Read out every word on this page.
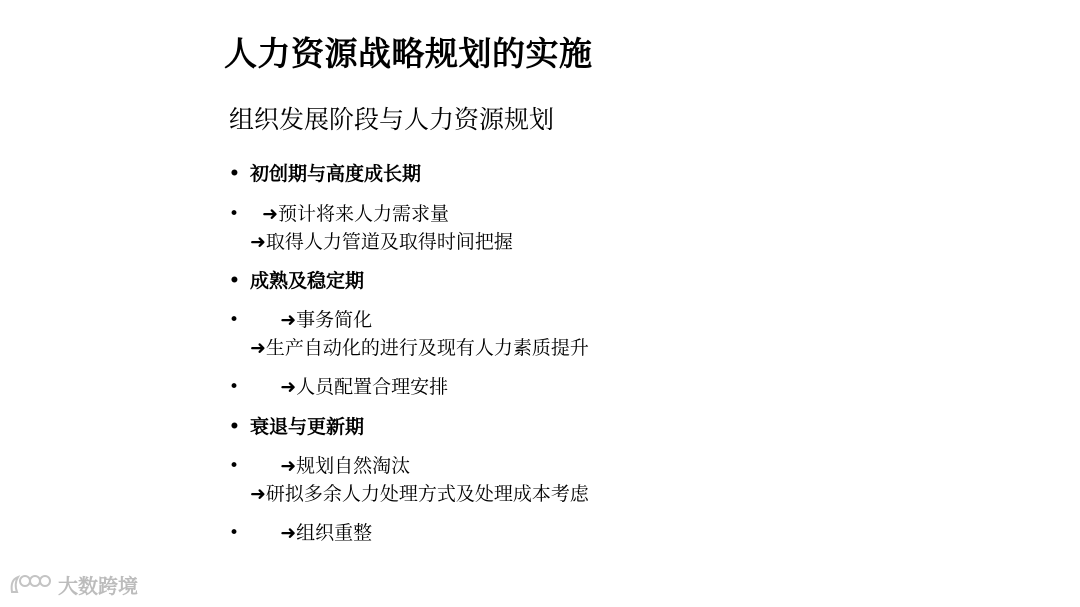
人力资源战略规划的实施
组织发展阶段与人力资源规划
• 初创期与高度成长期
• ➜预计将来人力需求量
➜取得人力管道及取得时间把握
• 成熟及稳定期
• ➜事务简化
➜生产自动化的进行及现有人力素质提升
• ➜人员配置合理安排
• 衰退与更新期
• ➜规划自然淘汰
➜研拟多余人力处理方式及处理成本考虑
• ➜组织重整
大数跨境
